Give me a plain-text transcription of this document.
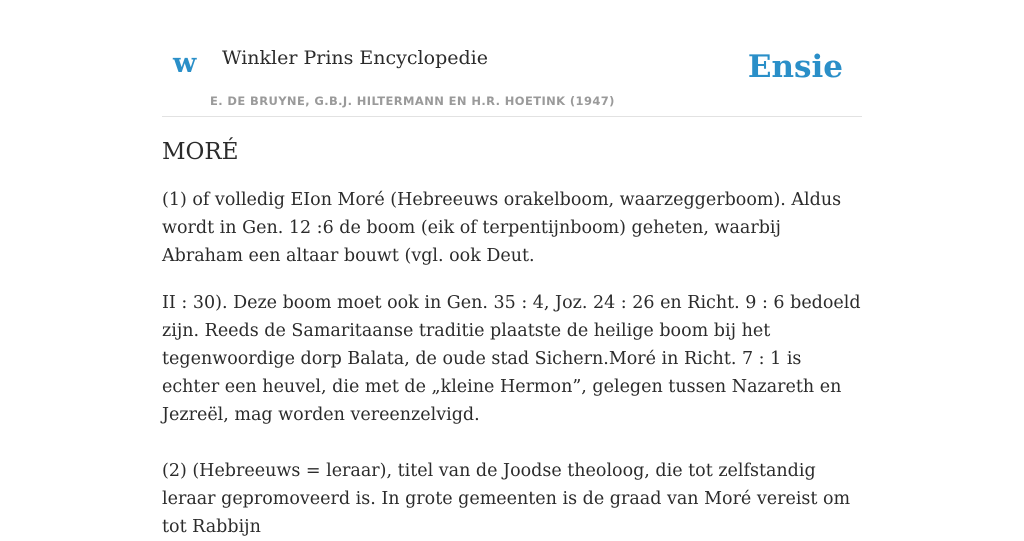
w Winkler Prins Encyclopedie
E. DE BRUYNE, G.B.J. HILTERMANN EN H.R. HOETINK (1947)
Ensie
MORÉ

(1) of volledig EIon Moré (Hebreeuws orakelboom, waarzeggerboom). Aldus wordt in Gen. 12 :6 de boom (eik of terpentijnboom) geheten, waarbij Abraham een altaar bouwt (vgl. ook Deut.

II : 30). Deze boom moet ook in Gen. 35 : 4, Joz. 24 : 26 en Richt. 9 : 6 bedoeld zijn. Reeds de Samaritaanse traditie plaatste de heilige boom bij het tegenwoordige dorp Balata, de oude stad Sichern.Moré in Richt. 7 : 1 is echter een heuvel, die met de „kleine Hermon”, gelegen tussen Nazareth en Jezreël, mag worden vereenzelvigd.

(2) (Hebreeuws = leraar), titel van de Joodse theoloog, die tot zelfstandig leraar gepromoveerd is. In grote gemeenten is de graad van Moré vereist om tot Rabbijn
